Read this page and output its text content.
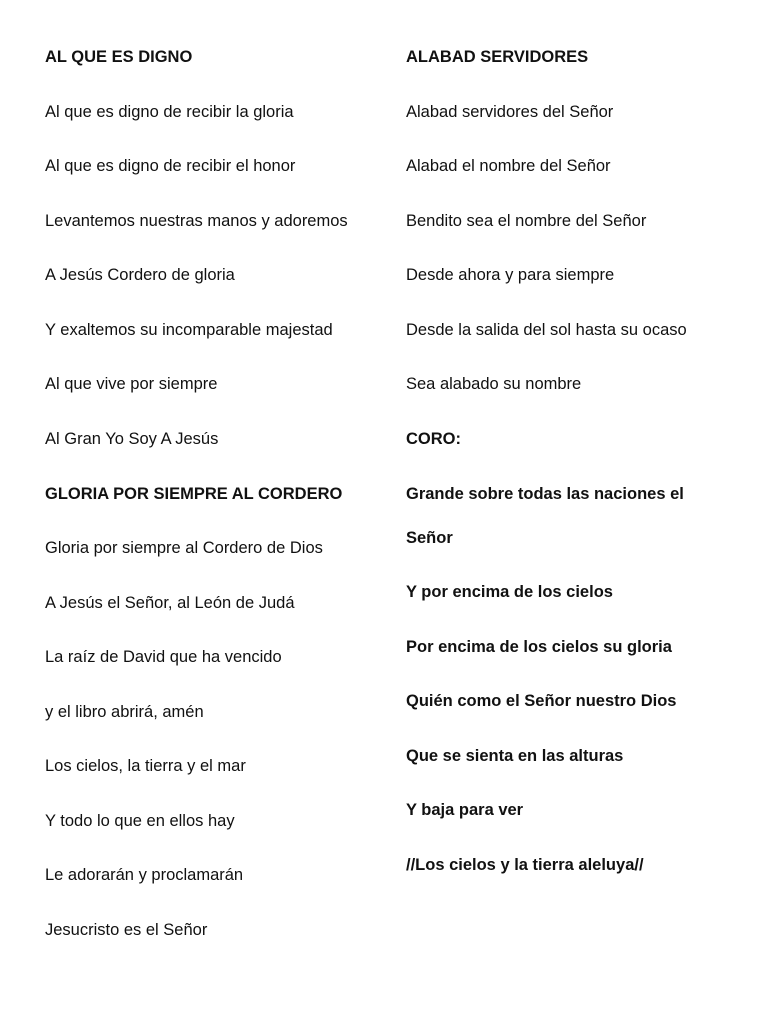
AL QUE ES DIGNO
Al que es digno de recibir la gloria
Al que es digno de recibir el honor
Levantemos nuestras manos y adoremos
A Jesús Cordero de gloria
Y exaltemos su incomparable majestad
Al que vive por siempre
Al Gran Yo Soy A Jesús
GLORIA POR SIEMPRE AL CORDERO
Gloria por siempre al Cordero de Dios
A Jesús el Señor, al León de Judá
La raíz de David que ha vencido
y el libro abrirá, amén
Los cielos, la tierra y el mar
Y todo lo que en ellos hay
Le adorarán y proclamarán
Jesucristo es el Señor
ALABAD SERVIDORES
Alabad servidores del Señor
Alabad el nombre del Señor
Bendito sea el nombre del Señor
Desde ahora y para siempre
Desde la salida del sol hasta su ocaso
Sea alabado su nombre
CORO:
Grande sobre todas las naciones el
Señor
Y por encima de los cielos
Por encima de los cielos su gloria
Quién como el Señor nuestro Dios
Que se sienta en las alturas
Y baja para ver
//Los cielos y la tierra aleluya//
